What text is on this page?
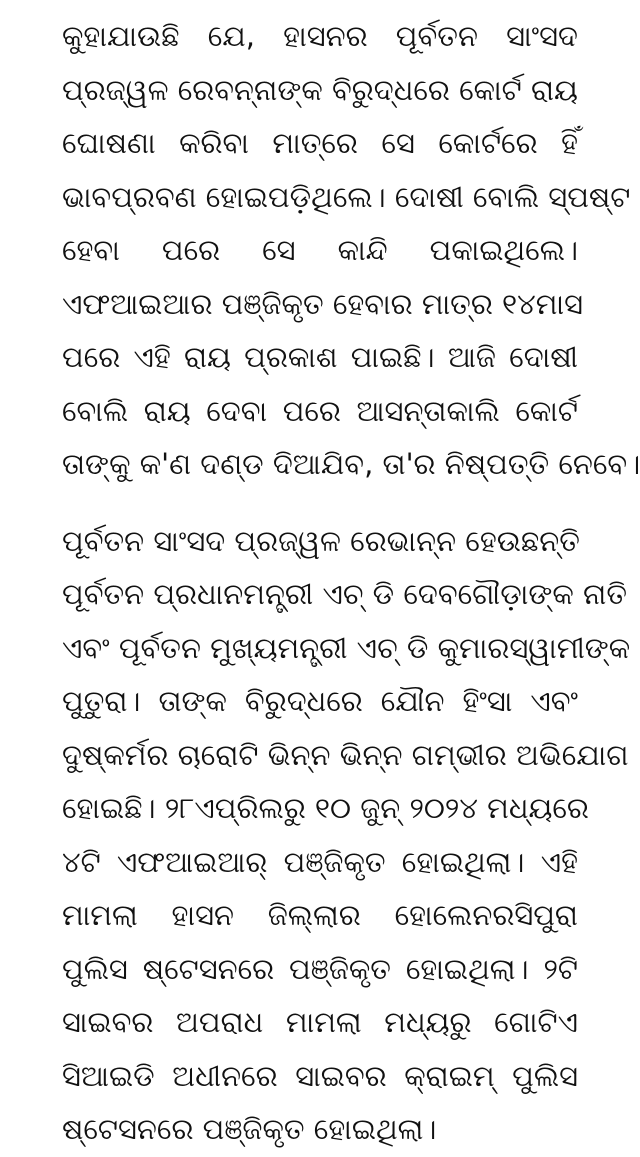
କୁହାଯାଉଛି ଯେ, ହାସନର ପୂର୍ବତନ ସାଂସଦ
ପ୍ରଜ୍ୱଳ ରେବନ୍ନାଙ୍କ ବିରୁଦ୍ଧରେ କୋର୍ଟ ରାୟ
ଘୋଷଣା କରିବା ମାତ୍ରେ ସେ କୋର୍ଟରେ ହିଁ
ଭାବପ୍ରବଣ ହୋଇପଡ଼ିଥିଲେ। ଦୋଷୀ ବୋଲି ସ୍ପଷ୍ଟ
ହେବା ପରେ ସେ କାନ୍ଦି ପକାଇଥିଲେ।
ଏଫଆଇଆର ପଞ୍ଜିକୃତ ହେବାର ମାତ୍ର ୧୪ମାସ
ପରେ ଏହି ରାୟ ପ୍ରକାଶ ପାଇଛି। ଆଜି ଦୋଷୀ
ବୋଲି ରାୟ ଦେବା ପରେ ଆସନ୍ତାକାଲି କୋର୍ଟ
ତାଙ୍କୁ କ'ଣ ଦଣ୍ଡ ଦିଆଯିବ, ତା'ର ନିଷ୍ପତ୍ତି ନେବେ।
ପୂର୍ବତନ ସାଂସଦ ପ୍ରଜ୍ୱଳ ରେଭାନ୍ନ ହେଉଛନ୍ତି
ପୂର୍ବତନ ପ୍ରଧାନମନ୍ତ୍ରୀ ଏଚ୍ ଡି ଦେବଗୌଡ଼ାଙ୍କ ନାତି
ଏବଂ ପୂର୍ବତନ ମୁଖ୍ୟମନ୍ତ୍ରୀ ଏଚ୍ ଡି କୁମାରସ୍ୱାମୀଙ୍କ
ପୁତୁରା। ତାଙ୍କ ବିରୁଦ୍ଧରେ ଯୌନ ହିଂସା ଏବଂ
ଦୁଷ୍କର୍ମର ଚାରୋଟି ଭିନ୍ନ ଭିନ୍ନ ଗମ୍ଭୀର ଅଭିଯୋଗ
ହୋଇଛି। ୨୮ଏପ୍ରିଲରୁ ୧୦ ଜୁନ୍ ୨୦୨୪ ମଧ୍ୟରେ
୪ଟି ଏଫଆଇଆର୍ ପଞ୍ଜିକୃତ ହୋଇଥିଲା। ଏହି
ମାମଲା ହାସନ ଜିଲ୍ଲାର ହୋଲେନରସିପୁରା
ପୁଲିସ ଷ୍ଟେସନରେ ପଞ୍ଜିକୃତ ହୋଇଥିଲା। ୨ଟି
ସାଇବର ଅପରାଧ ମାମଲା ମଧ୍ୟରୁ ଗୋଟିଏ
ସିଆଇଡି ଅଧୀନରେ ସାଇବର କ୍ରାଇମ୍ ପୁଲିସ
ଷ୍ଟେସନରେ ପଞ୍ଜିକୃତ ହୋଇଥିଲା।
